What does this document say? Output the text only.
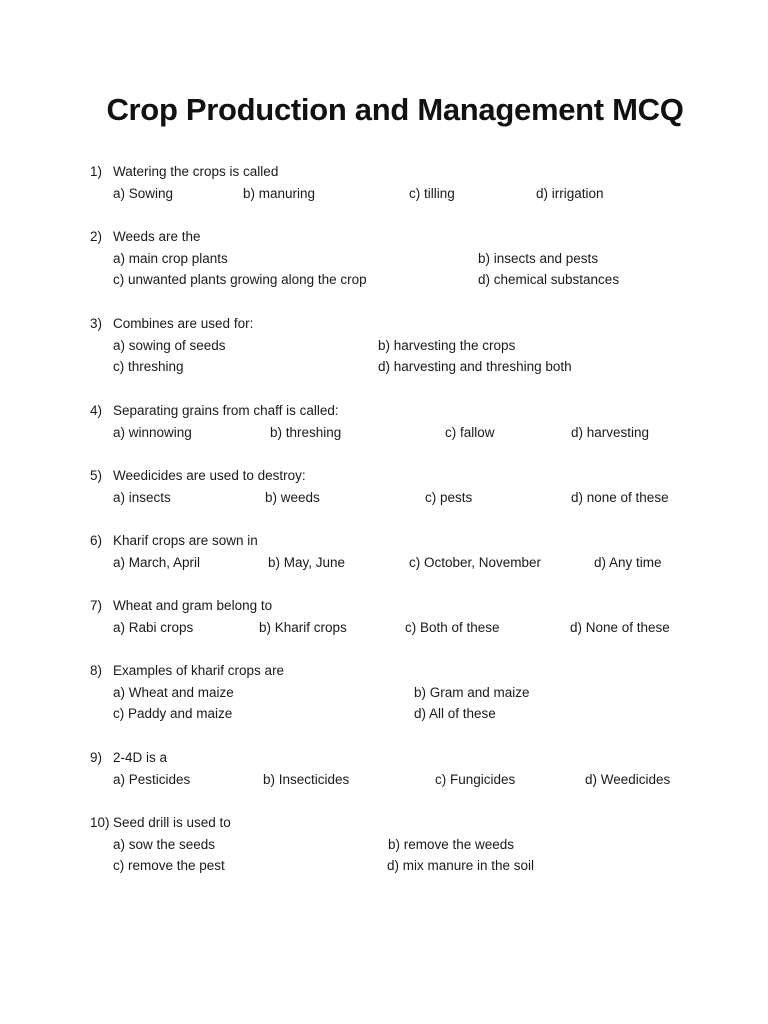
Crop Production and Management MCQ
1) Watering the crops is called
a) Sowing	b) manuring	c) tilling	d) irrigation
2) Weeds are the
a) main crop plants	b) insects and pests
c) unwanted plants growing along the crop	d) chemical substances
3) Combines are used for:
a) sowing of seeds	b) harvesting the crops
c) threshing	d) harvesting and threshing both
4) Separating grains from chaff is called:
a) winnowing	b) threshing	c) fallow	d) harvesting
5) Weedicides are used to destroy:
a) insects	b) weeds	c) pests	d) none of these
6) Kharif crops are sown in
a) March, April	b) May, June	c) October, November	d) Any time
7) Wheat and gram belong to
a) Rabi crops	b) Kharif crops	c) Both of these	d) None of these
8) Examples of kharif crops are
a) Wheat and maize	b) Gram and maize
c) Paddy and maize	d) All of these
9) 2-4D is a
a) Pesticides	b) Insecticides	c) Fungicides	d) Weedicides
10) Seed drill is used to
a) sow the seeds	b) remove the weeds
c) remove the pest	d) mix manure in the soil
